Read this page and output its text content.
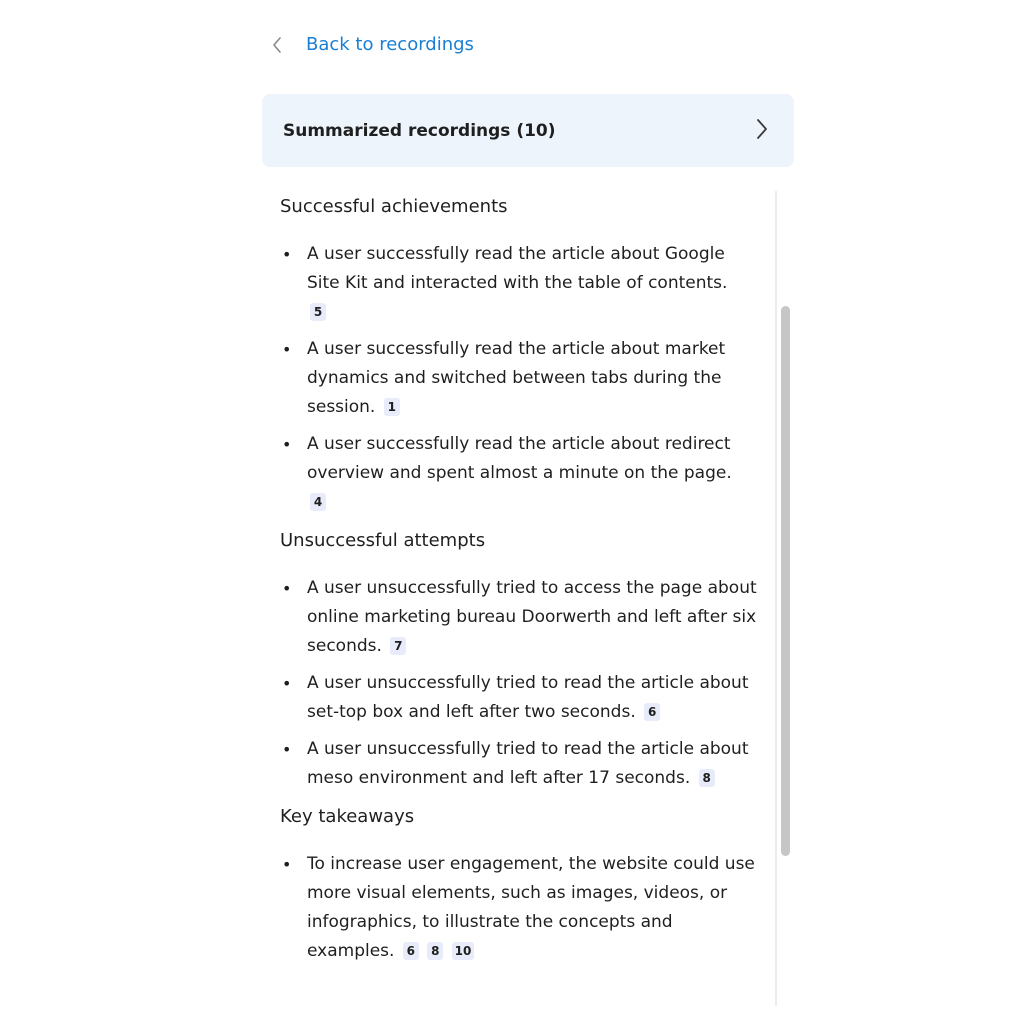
Back to recordings
Summarized recordings (10)
Successful achievements
• A user successfully read the article about Google Site Kit and interacted with the table of contents.
5
• A user successfully read the article about market dynamics and switched between tabs during the session. 1
• A user successfully read the article about redirect overview and spent almost a minute on the page.
4
Unsuccessful attempts
• A user unsuccessfully tried to access the page about online marketing bureau Doorwerth and left after six seconds. 7
• A user unsuccessfully tried to read the article about set-top box and left after two seconds. 6
• A user unsuccessfully tried to read the article about meso environment and left after 17 seconds. 8
Key takeaways
• To increase user engagement, the website could use more visual elements, such as images, videos, or infographics, to illustrate the concepts and examples. 6 8 10
